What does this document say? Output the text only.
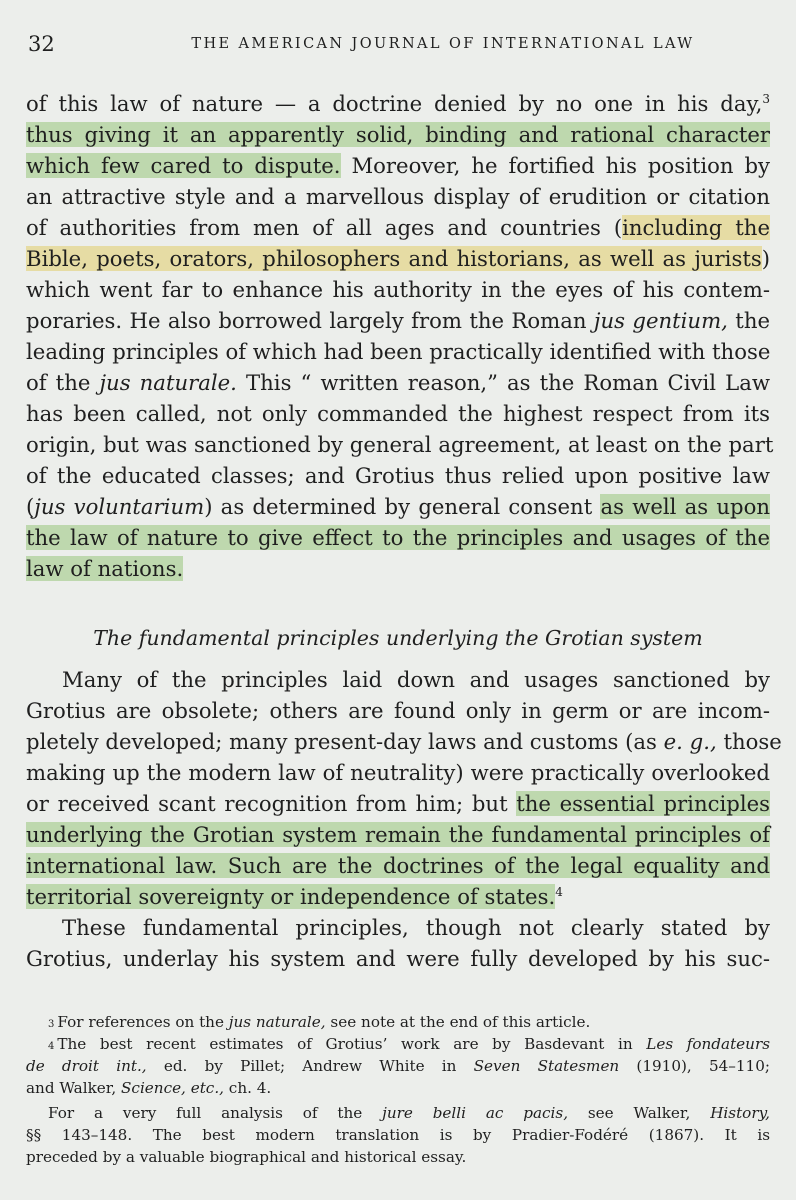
32	THE AMERICAN JOURNAL OF INTERNATIONAL LAW
of this law of nature — a doctrine denied by no one in his day,$^3$
thus giving it an apparently solid, binding and rational character
which few cared to dispute. Moreover, he fortified his position by
an attractive style and a marvellous display of erudition or citation
of authorities from men of all ages and countries (including the
Bible, poets, orators, philosophers and historians, as well as jurists)
which went far to enhance his authority in the eyes of his contem-
poraries. He also borrowed largely from the Roman jus gentium, the
leading principles of which had been practically identified with those
of the jus naturale. This “ written reason,” as the Roman Civil Law
has been called, not only commanded the highest respect from its
origin, but was sanctioned by general agreement, at least on the part
of the educated classes; and Grotius thus relied upon positive law
(jus voluntarium) as determined by general consent as well as upon
the law of nature to give effect to the principles and usages of the
law of nations.
The fundamental principles underlying the Grotian system
Many of the principles laid down and usages sanctioned by
Grotius are obsolete; others are found only in germ or are incom-
pletely developed; many present-day laws and customs (as e. g., those
making up the modern law of neutrality) were practically overlooked
or received scant recognition from him; but the essential principles
underlying the Grotian system remain the fundamental principles of
international law. Such are the doctrines of the legal equality and
territorial sovereignty or independence of states.$^4$
These fundamental principles, though not clearly stated by
Grotius, underlay his system and were fully developed by his suc-
3 For references on the jus naturale, see note at the end of this article.
4 The best recent estimates of Grotius’ work are by Basdevant in Les fondateurs
de droit int., ed. by Pillet; Andrew White in Seven Statesmen (1910), 54–110;
and Walker, Science, etc., ch. 4.
For a very full analysis of the jure belli ac pacis, see Walker, History,
§§ 143–148. The best modern translation is by Pradier-Fodéré (1867). It is
preceded by a valuable biographical and historical essay.
